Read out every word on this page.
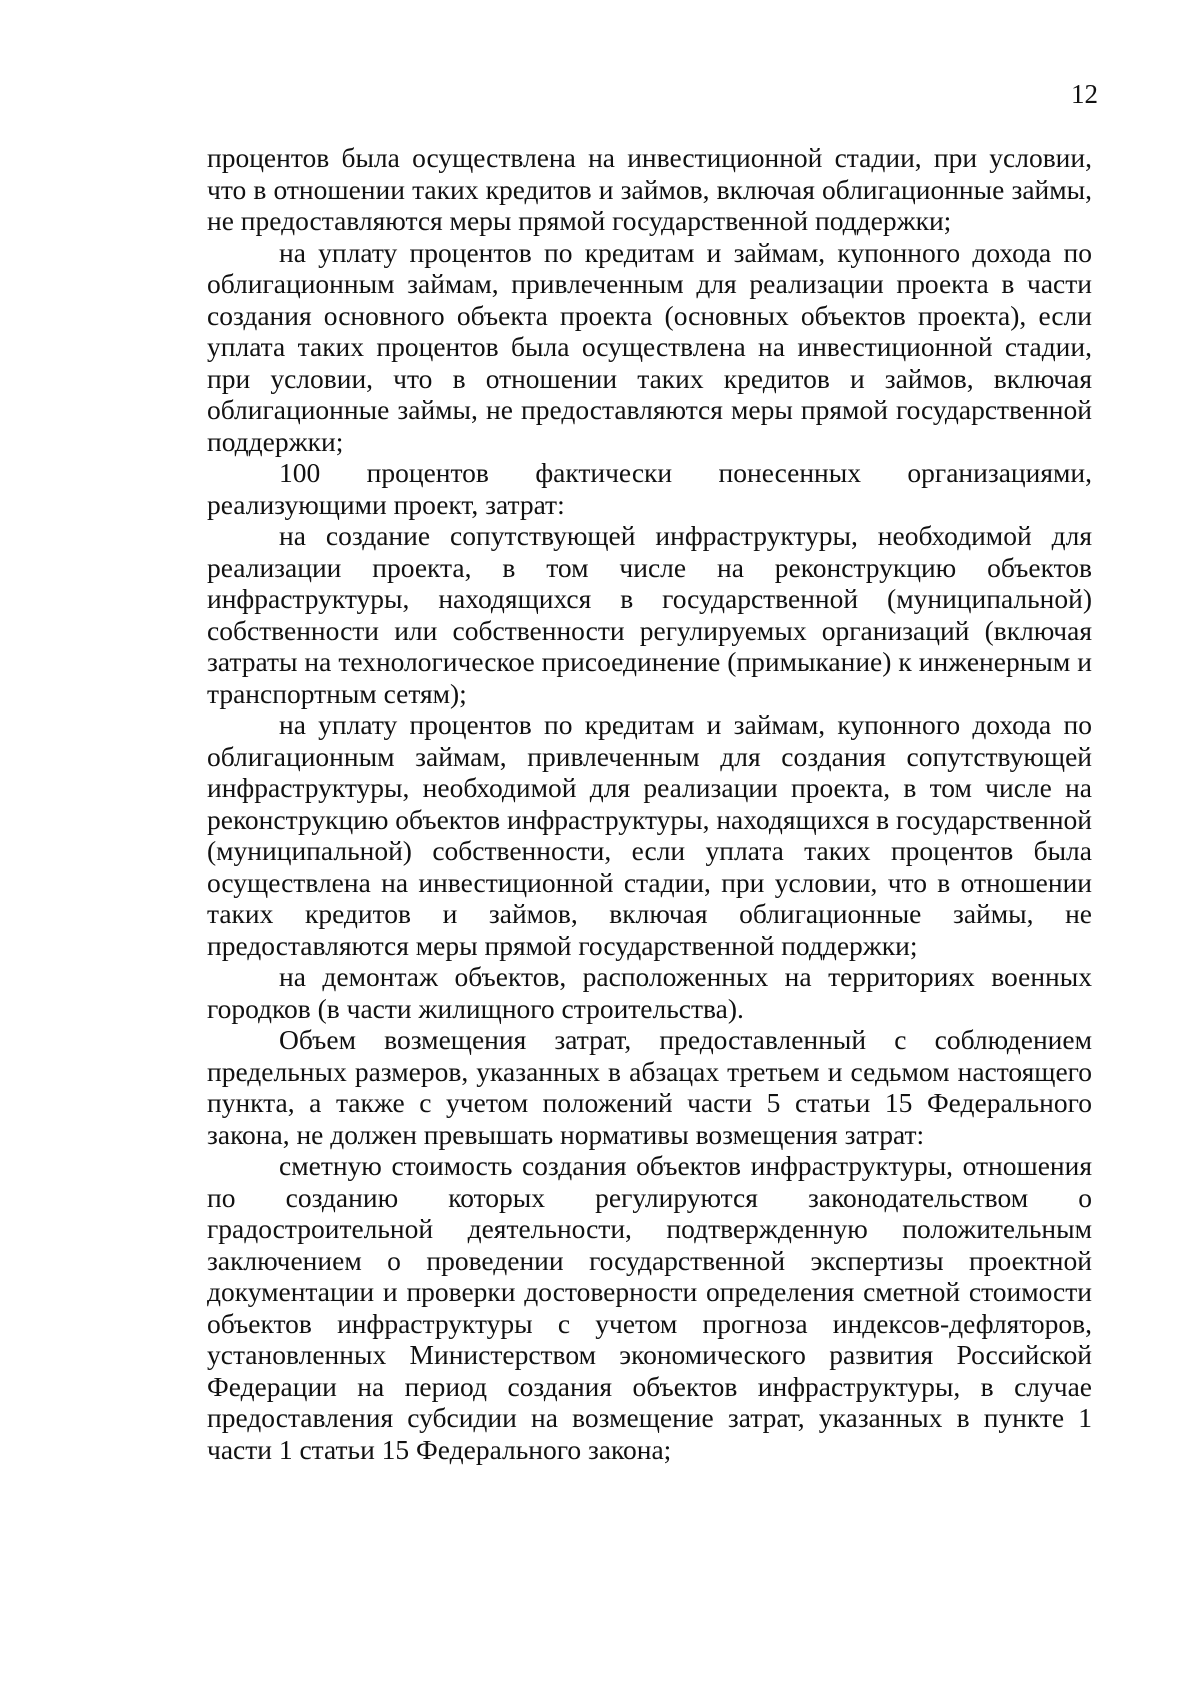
12

процентов была осуществлена на инвестиционной стадии, при условии, что в отношении таких кредитов и займов, включая облигационные займы, не предоставляются меры прямой государственной поддержки;

на уплату процентов по кредитам и займам, купонного дохода по облигационным займам, привлеченным для реализации проекта в части создания основного объекта проекта (основных объектов проекта), если уплата таких процентов была осуществлена на инвестиционной стадии, при условии, что в отношении таких кредитов и займов, включая облигационные займы, не предоставляются меры прямой государственной поддержки;

100 процентов фактически понесенных организациями, реализующими проект, затрат:

на создание сопутствующей инфраструктуры, необходимой для реализации проекта, в том числе на реконструкцию объектов инфраструктуры, находящихся в государственной (муниципальной) собственности или собственности регулируемых организаций (включая затраты на технологическое присоединение (примыкание) к инженерным и транспортным сетям);

на уплату процентов по кредитам и займам, купонного дохода по облигационным займам, привлеченным для создания сопутствующей инфраструктуры, необходимой для реализации проекта, в том числе на реконструкцию объектов инфраструктуры, находящихся в государственной (муниципальной) собственности, если уплата таких процентов была осуществлена на инвестиционной стадии, при условии, что в отношении таких кредитов и займов, включая облигационные займы, не предоставляются меры прямой государственной поддержки;

на демонтаж объектов, расположенных на территориях военных городков (в части жилищного строительства).

Объем возмещения затрат, предоставленный с соблюдением предельных размеров, указанных в абзацах третьем и седьмом настоящего пункта, а также с учетом положений части 5 статьи 15 Федерального закона, не должен превышать нормативы возмещения затрат:

сметную стоимость создания объектов инфраструктуры, отношения по созданию которых регулируются законодательством о градостроительной деятельности, подтвержденную положительным заключением о проведении государственной экспертизы проектной документации и проверки достоверности определения сметной стоимости объектов инфраструктуры с учетом прогноза индексов-дефляторов, установленных Министерством экономического развития Российской Федерации на период создания объектов инфраструктуры, в случае предоставления субсидии на возмещение затрат, указанных в пункте 1 части 1 статьи 15 Федерального закона;
